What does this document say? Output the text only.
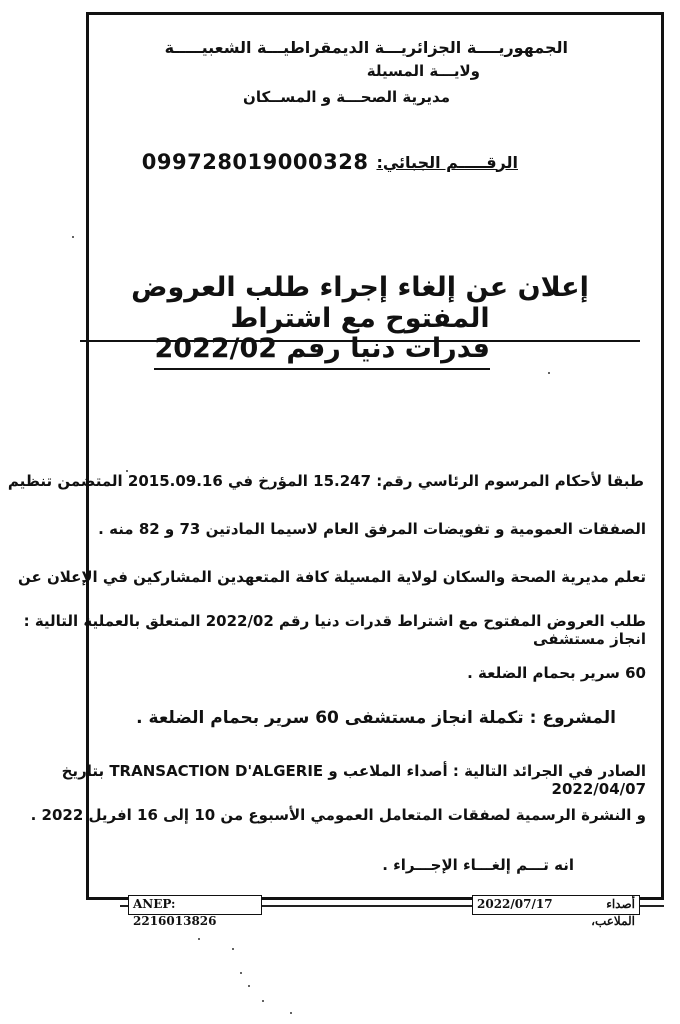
الجمهوريــــة الجزائريـــة الديمقراطيـــة الشعبيـــــة
ولايـــة المسيلة
مديرية الصحـــة و المســكان
الرقـــــم الجبائي:
099728019000328
إعلان عن إلغاء إجراء طلب العروض المفتوح مع اشتراط
قدرات دنيا رقم 2022/02
طبقا لأحكام المرسوم الرئاسي رقم: 15.247 المؤرخ في 2015.09.16 المتضمن تنظيم
الصفقات العمومية و تفويضات المرفق العام لاسيما المادتين 73 و 82 منه .
تعلم مديرية الصحة والسكان لولاية المسيلة كافة المتعهدين المشاركين في الإعلان عن
طلب العروض المفتوح مع اشتراط قدرات دنيا رقم 2022/02 المتعلق بالعملية التالية : انجاز مستشفى
60 سرير بحمام الضلعة .
المشروع : تكملة انجاز مستشفى 60 سرير بحمام الضلعة .
الصادر في الجرائد التالية : أصداء الملاعب و TRANSACTION D'ALGERIE بتاريخ 2022/04/07
و النشرة الرسمية لصفقات المتعامل العمومي الأسبوع من 10 إلى 16 افريل 2022 .
انه تـــم إلغـــاء الإجـــراء .
ANEP: 2216013826
2022/07/17	أصداء الملاعب،
